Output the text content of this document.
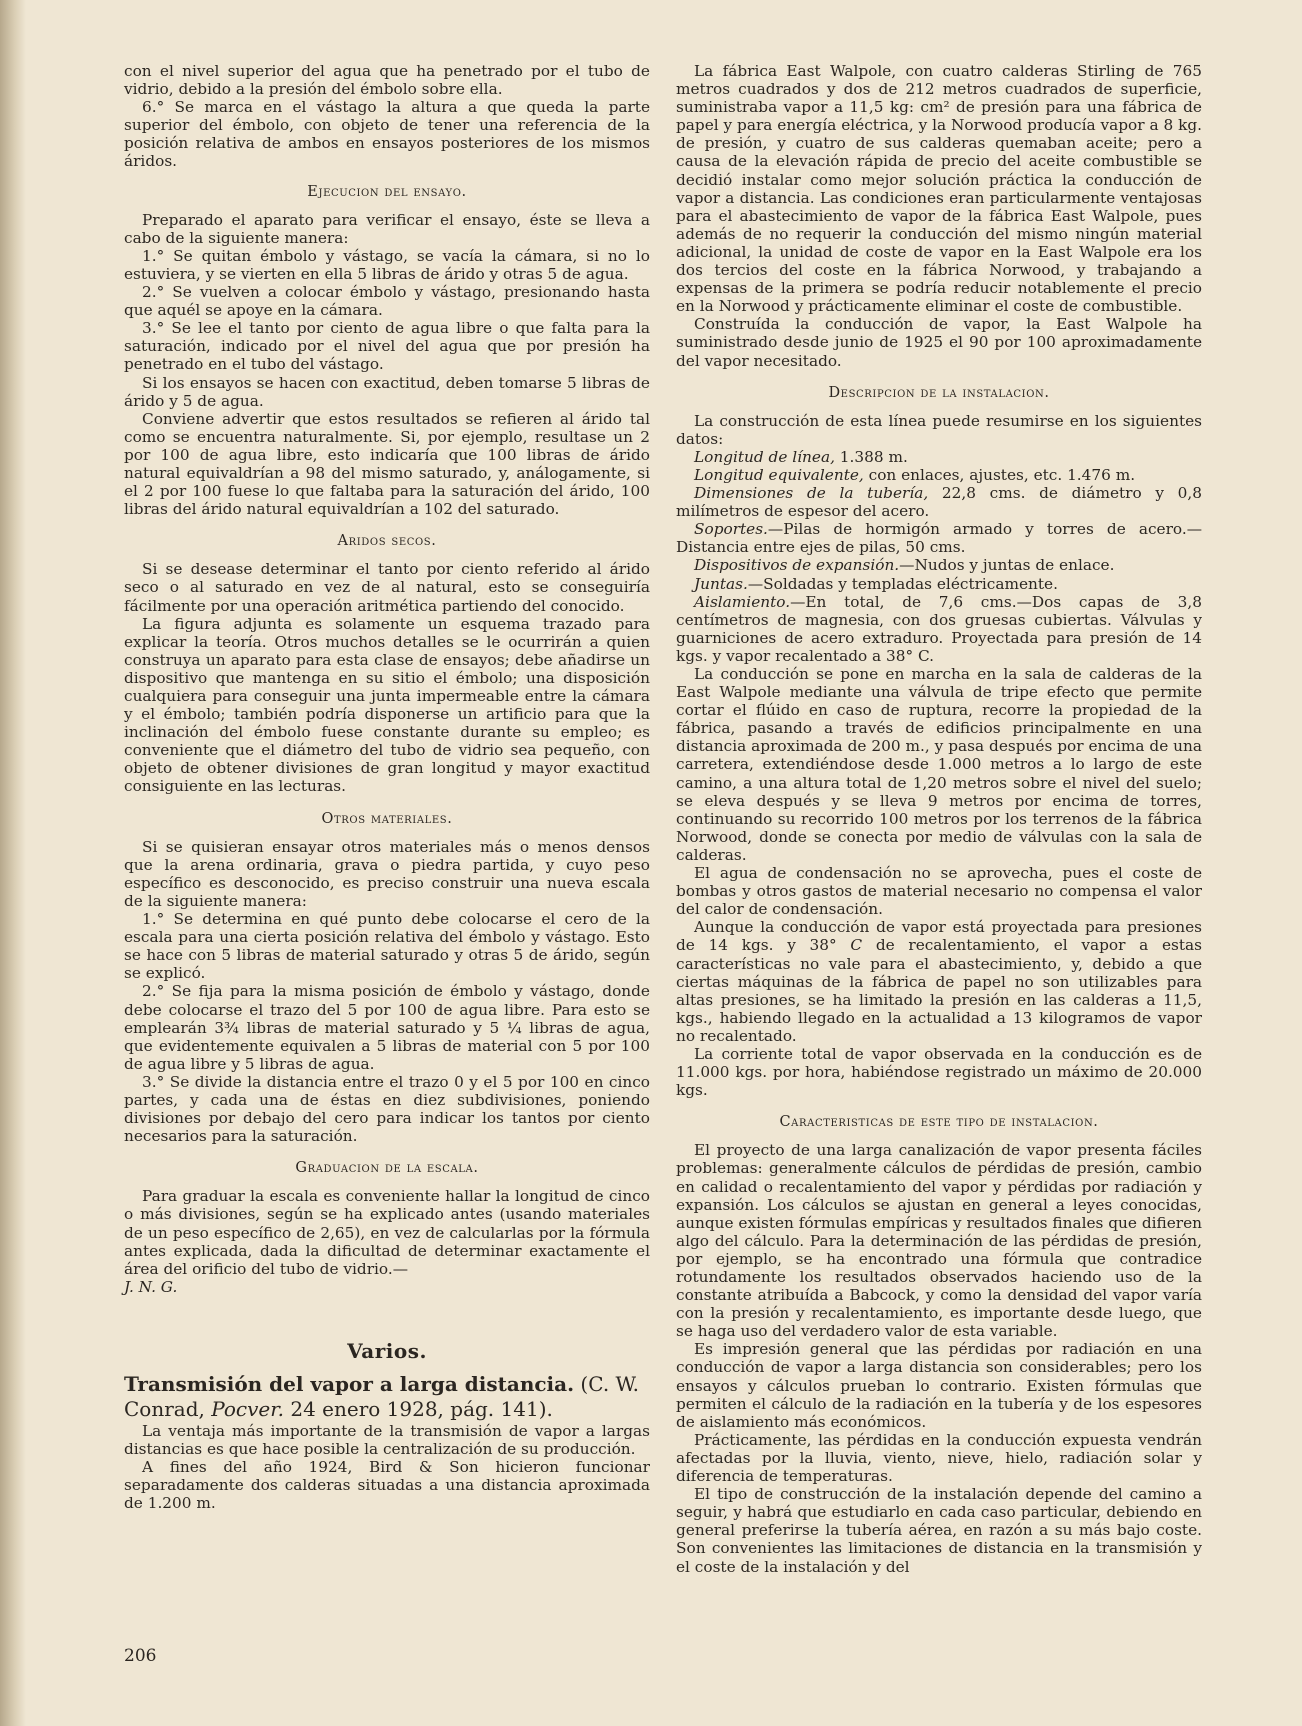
con el nivel superior del agua que ha penetrado por el tubo de vidrio, debido a la presión del émbolo sobre ella.

6.° Se marca en el vástago la altura a que queda la parte superior del émbolo, con objeto de tener una referencia de la posición relativa de ambos en ensayos posteriores de los mismos áridos.

Ejecucion del ensayo.

Preparado el aparato para verificar el ensayo, éste se lleva a cabo de la siguiente manera:

1.° Se quitan émbolo y vástago, se vacía la cámara, si no lo estuviera, y se vierten en ella 5 libras de árido y otras 5 de agua.

2.° Se vuelven a colocar émbolo y vástago, presionando hasta que aquél se apoye en la cámara.

3.° Se lee el tanto por ciento de agua libre o que falta para la saturación, indicado por el nivel del agua que por presión ha penetrado en el tubo del vástago.

Si los ensayos se hacen con exactitud, deben tomarse 5 libras de árido y 5 de agua.

Conviene advertir que estos resultados se refieren al árido tal como se encuentra naturalmente. Si, por ejemplo, resultase un 2 por 100 de agua libre, esto indicaría que 100 libras de árido natural equivaldrían a 98 del mismo saturado, y, análogamente, si el 2 por 100 fuese lo que faltaba para la saturación del árido, 100 libras del árido natural equivaldrían a 102 del saturado.

Aridos secos.

Si se desease determinar el tanto por ciento referido al árido seco o al saturado en vez de al natural, esto se conseguiría fácilmente por una operación aritmética partiendo del conocido.

La figura adjunta es solamente un esquema trazado para explicar la teoría. Otros muchos detalles se le ocurrirán a quien construya un aparato para esta clase de ensayos; debe añadirse un dispositivo que mantenga en su sitio el émbolo; una disposición cualquiera para conseguir una junta impermeable entre la cámara y el émbolo; también podría disponerse un artificio para que la inclinación del émbolo fuese constante durante su empleo; es conveniente que el diámetro del tubo de vidrio sea pequeño, con objeto de obtener divisiones de gran longitud y mayor exactitud consiguiente en las lecturas.

Otros materiales.

Si se quisieran ensayar otros materiales más o menos densos que la arena ordinaria, grava o piedra partida, y cuyo peso específico es desconocido, es preciso construir una nueva escala de la siguiente manera:

1.° Se determina en qué punto debe colocarse el cero de la escala para una cierta posición relativa del émbolo y vástago. Esto se hace con 5 libras de material saturado y otras 5 de árido, según se explicó.

2.° Se fija para la misma posición de émbolo y vástago, donde debe colocarse el trazo del 5 por 100 de agua libre. Para esto se emplearán 3¾ libras de material saturado y 5 ¼ libras de agua, que evidentemente equivalen a 5 libras de material con 5 por 100 de agua libre y 5 libras de agua.

3.° Se divide la distancia entre el trazo 0 y el 5 por 100 en cinco partes, y cada una de éstas en diez subdivisiones, poniendo divisiones por debajo del cero para indicar los tantos por ciento necesarios para la saturación.

Graduacion de la escala.

Para graduar la escala es conveniente hallar la longitud de cinco o más divisiones, según se ha explicado antes (usando materiales de un peso específico de 2,65), en vez de calcularlas por la fórmula antes explicada, dada la dificultad de determinar exactamente el área del orificio del tubo de vidrio.—

J. N. G.

Varios.

Transmisión del vapor a larga distancia. (C. W. Conrad, Pocver. 24 enero 1928, pág. 141).

La ventaja más importante de la transmisión de vapor a largas distancias es que hace posible la centralización de su producción.

A fines del año 1924, Bird & Son hicieron funcionar separadamente dos calderas situadas a una distancia aproximada de 1.200 m.

La fábrica East Walpole, con cuatro calderas Stirling de 765 metros cuadrados y dos de 212 metros cuadrados de superficie, suministraba vapor a 11,5 kg: cm² de presión para una fábrica de papel y para energía eléctrica, y la Norwood producía vapor a 8 kg. de presión, y cuatro de sus calderas quemaban aceite; pero a causa de la elevación rápida de precio del aceite combustible se decidió instalar como mejor solución práctica la conducción de vapor a distancia. Las condiciones eran particularmente ventajosas para el abastecimiento de vapor de la fábrica East Walpole, pues además de no requerir la conducción del mismo ningún material adicional, la unidad de coste de vapor en la East Walpole era los dos tercios del coste en la fábrica Norwood, y trabajando a expensas de la primera se podría reducir notablemente el precio en la Norwood y prácticamente eliminar el coste de combustible.

Construída la conducción de vapor, la East Walpole ha suministrado desde junio de 1925 el 90 por 100 aproximadamente del vapor necesitado.

Descripcion de la instalacion.

La construcción de esta línea puede resumirse en los siguientes datos:

Longitud de línea, 1.388 m.

Longitud equivalente, con enlaces, ajustes, etc. 1.476 m.

Dimensiones de la tubería, 22,8 cms. de diámetro y 0,8 milímetros de espesor del acero.

Soportes.—Pilas de hormigón armado y torres de acero.—Distancia entre ejes de pilas, 50 cms.

Dispositivos de expansión.—Nudos y juntas de enlace.

Juntas.—Soldadas y templadas eléctricamente.

Aislamiento.—En total, de 7,6 cms.—Dos capas de 3,8 centímetros de magnesia, con dos gruesas cubiertas. Válvulas y guarniciones de acero extraduro. Proyectada para presión de 14 kgs. y vapor recalentado a 38° C.

La conducción se pone en marcha en la sala de calderas de la East Walpole mediante una válvula de tripe efecto que permite cortar el flúido en caso de ruptura, recorre la propiedad de la fábrica, pasando a través de edificios principalmente en una distancia aproximada de 200 m., y pasa después por encima de una carretera, extendiéndose desde 1.000 metros a lo largo de este camino, a una altura total de 1,20 metros sobre el nivel del suelo; se eleva después y se lleva 9 metros por encima de torres, continuando su recorrido 100 metros por los terrenos de la fábrica Norwood, donde se conecta por medio de válvulas con la sala de calderas.

El agua de condensación no se aprovecha, pues el coste de bombas y otros gastos de material necesario no compensa el valor del calor de condensación.

Aunque la conducción de vapor está proyectada para presiones de 14 kgs. y 38° C de recalentamiento, el vapor a estas características no vale para el abastecimiento, y, debido a que ciertas máquinas de la fábrica de papel no son utilizables para altas presiones, se ha limitado la presión en las calderas a 11,5, kgs., habiendo llegado en la actualidad a 13 kilogramos de vapor no recalentado.

La corriente total de vapor observada en la conducción es de 11.000 kgs. por hora, habiéndose registrado un máximo de 20.000 kgs.

Caracteristicas de este tipo de instalacion.

El proyecto de una larga canalización de vapor presenta fáciles problemas: generalmente cálculos de pérdidas de presión, cambio en calidad o recalentamiento del vapor y pérdidas por radiación y expansión. Los cálculos se ajustan en general a leyes conocidas, aunque existen fórmulas empíricas y resultados finales que difieren algo del cálculo. Para la determinación de las pérdidas de presión, por ejemplo, se ha encontrado una fórmula que contradice rotundamente los resultados observados haciendo uso de la constante atribuída a Babcock, y como la densidad del vapor varía con la presión y recalentamiento, es importante desde luego, que se haga uso del verdadero valor de esta variable.

Es impresión general que las pérdidas por radiación en una conducción de vapor a larga distancia son considerables; pero los ensayos y cálculos prueban lo contrario. Existen fórmulas que permiten el cálculo de la radiación en la tubería y de los espesores de aislamiento más económicos.

Prácticamente, las pérdidas en la conducción expuesta vendrán afectadas por la lluvia, viento, nieve, hielo, radiación solar y diferencia de temperaturas.

El tipo de construcción de la instalación depende del camino a seguir, y habrá que estudiarlo en cada caso particular, debiendo en general preferirse la tubería aérea, en razón a su más bajo coste. Son convenientes las limitaciones de distancia en la transmisión y el coste de la instalación y del

206
